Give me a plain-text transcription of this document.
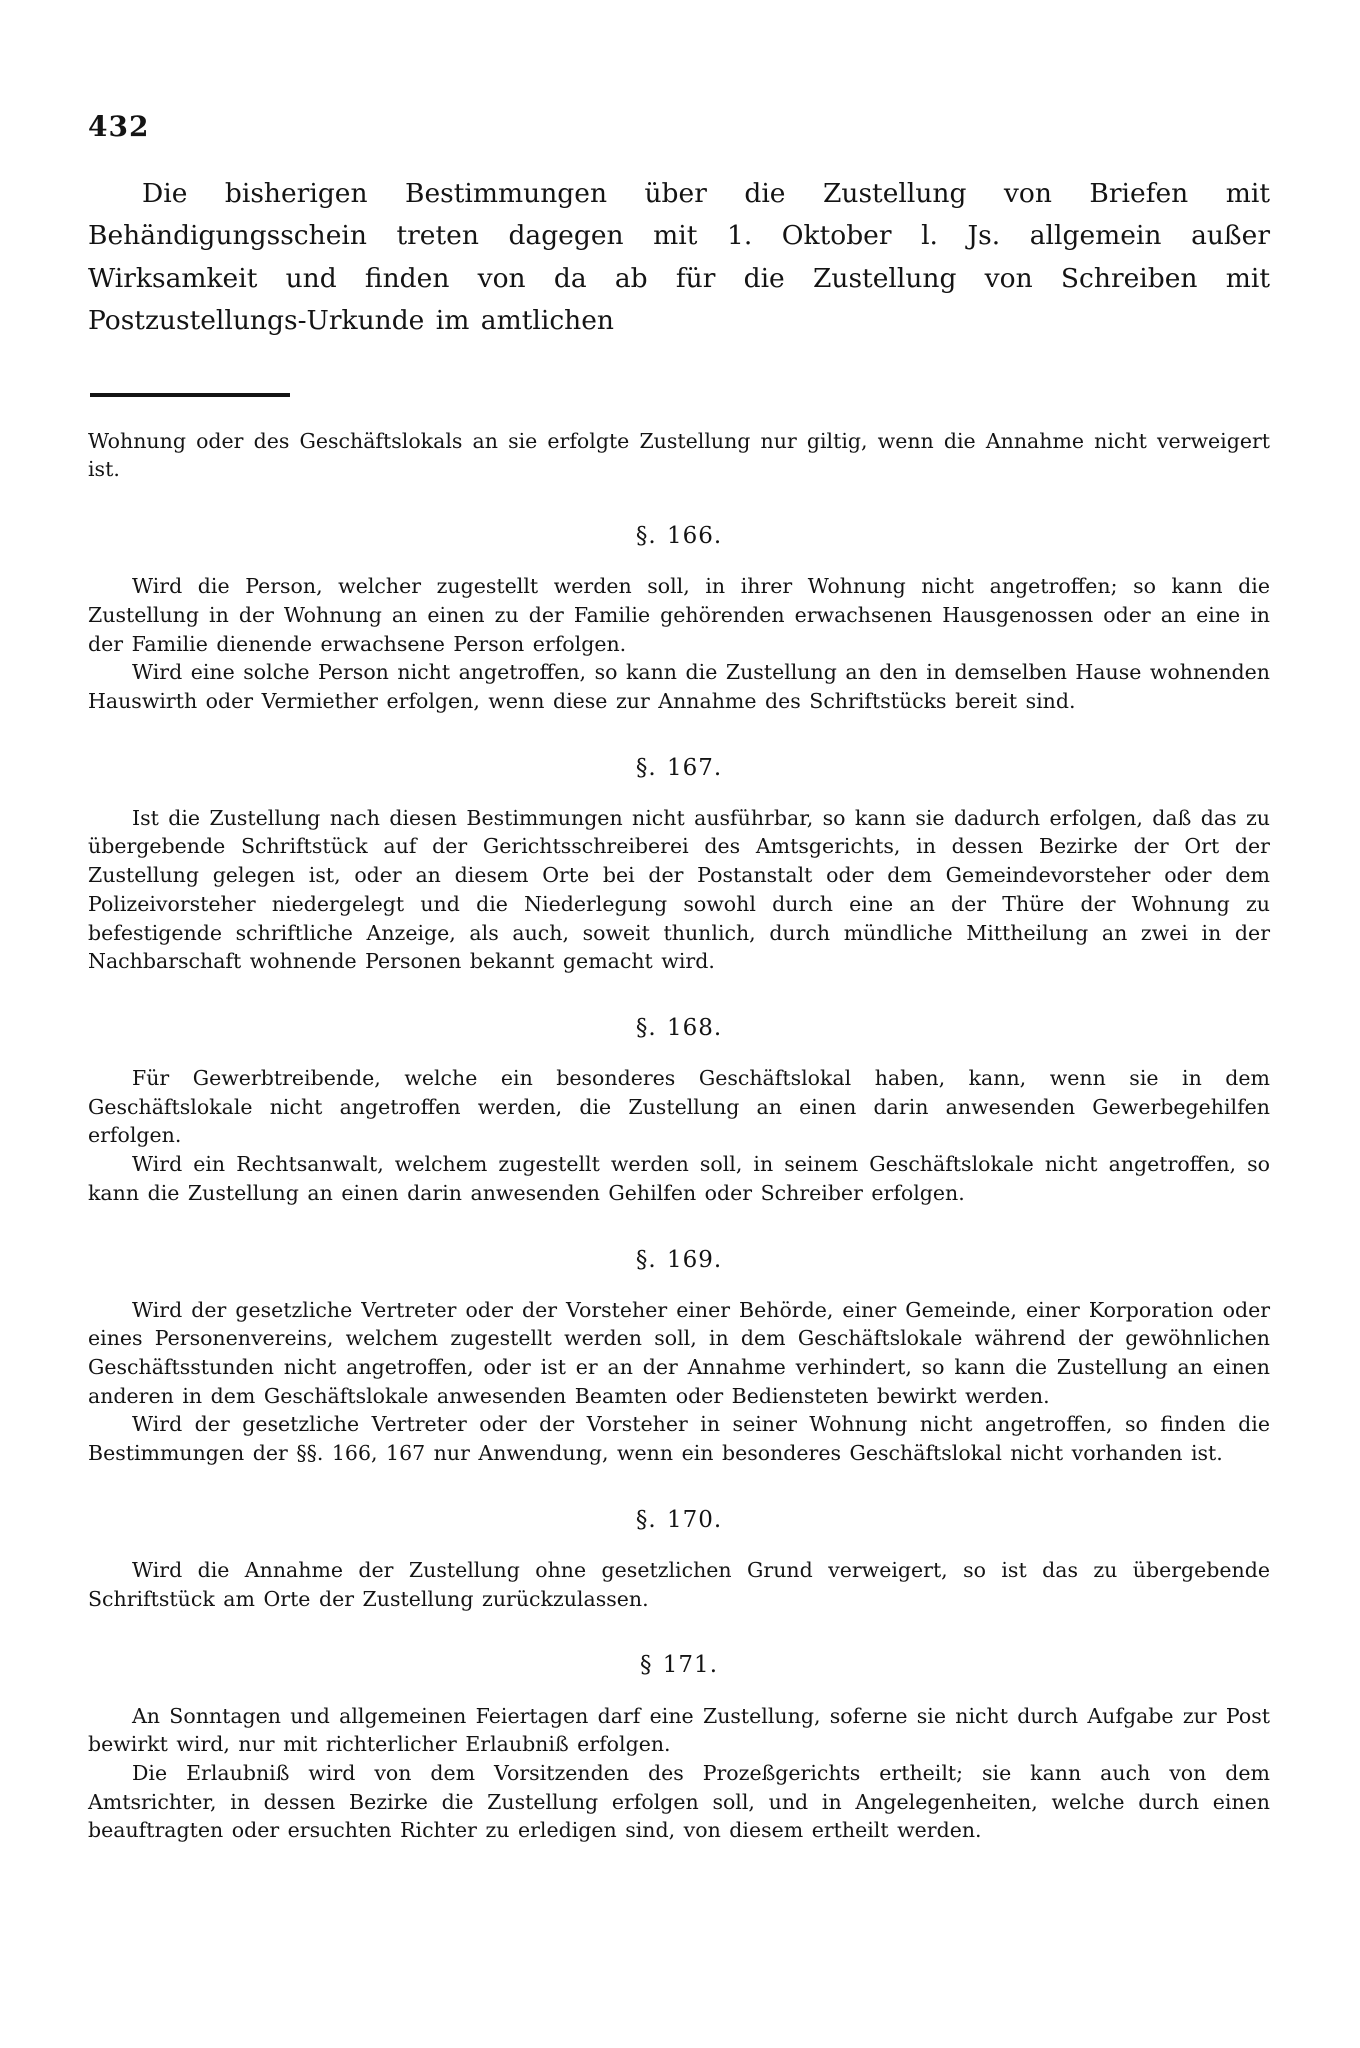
432

Die bisherigen Bestimmungen über die Zustellung von Briefen mit Behändigungsschein treten dagegen mit 1. Oktober l. Js. allgemein außer Wirksamkeit und finden von da ab für die Zustellung von Schreiben mit Postzustellungs-Urkunde im amtlichen

Wohnung oder des Geschäftslokals an sie erfolgte Zustellung nur giltig, wenn die Annahme nicht verweigert ist.

§. 166.

Wird die Person, welcher zugestellt werden soll, in ihrer Wohnung nicht angetroffen; so kann die Zustellung in der Wohnung an einen zu der Familie gehörenden erwachsenen Hausgenossen oder an eine in der Familie dienende erwachsene Person erfolgen.

Wird eine solche Person nicht angetroffen, so kann die Zustellung an den in demselben Hause wohnenden Hauswirth oder Vermiether erfolgen, wenn diese zur Annahme des Schriftstücks bereit sind.

§. 167.

Ist die Zustellung nach diesen Bestimmungen nicht ausführbar, so kann sie dadurch erfolgen, daß das zu übergebende Schriftstück auf der Gerichtsschreiberei des Amtsgerichts, in dessen Bezirke der Ort der Zustellung gelegen ist, oder an diesem Orte bei der Postanstalt oder dem Gemeindevorsteher oder dem Polizeivorsteher niedergelegt und die Niederlegung sowohl durch eine an der Thüre der Wohnung zu befestigende schriftliche Anzeige, als auch, soweit thunlich, durch mündliche Mittheilung an zwei in der Nachbarschaft wohnende Personen bekannt gemacht wird.

§. 168.

Für Gewerbtreibende, welche ein besonderes Geschäftslokal haben, kann, wenn sie in dem Geschäftslokale nicht angetroffen werden, die Zustellung an einen darin anwesenden Gewerbegehilfen erfolgen.

Wird ein Rechtsanwalt, welchem zugestellt werden soll, in seinem Geschäftslokale nicht angetroffen, so kann die Zustellung an einen darin anwesenden Gehilfen oder Schreiber erfolgen.

§. 169.

Wird der gesetzliche Vertreter oder der Vorsteher einer Behörde, einer Gemeinde, einer Korporation oder eines Personenvereins, welchem zugestellt werden soll, in dem Geschäftslokale während der gewöhnlichen Geschäftsstunden nicht angetroffen, oder ist er an der Annahme verhindert, so kann die Zustellung an einen anderen in dem Geschäftslokale anwesenden Beamten oder Bediensteten bewirkt werden.

Wird der gesetzliche Vertreter oder der Vorsteher in seiner Wohnung nicht angetroffen, so finden die Bestimmungen der §§. 166, 167 nur Anwendung, wenn ein besonderes Geschäftslokal nicht vorhanden ist.

§. 170.

Wird die Annahme der Zustellung ohne gesetzlichen Grund verweigert, so ist das zu übergebende Schriftstück am Orte der Zustellung zurückzulassen.

§ 171.

An Sonntagen und allgemeinen Feiertagen darf eine Zustellung, soferne sie nicht durch Aufgabe zur Post bewirkt wird, nur mit richterlicher Erlaubniß erfolgen.

Die Erlaubniß wird von dem Vorsitzenden des Prozeßgerichts ertheilt; sie kann auch von dem Amtsrichter, in dessen Bezirke die Zustellung erfolgen soll, und in Angelegenheiten, welche durch einen beauftragten oder ersuchten Richter zu erledigen sind, von diesem ertheilt werden.
